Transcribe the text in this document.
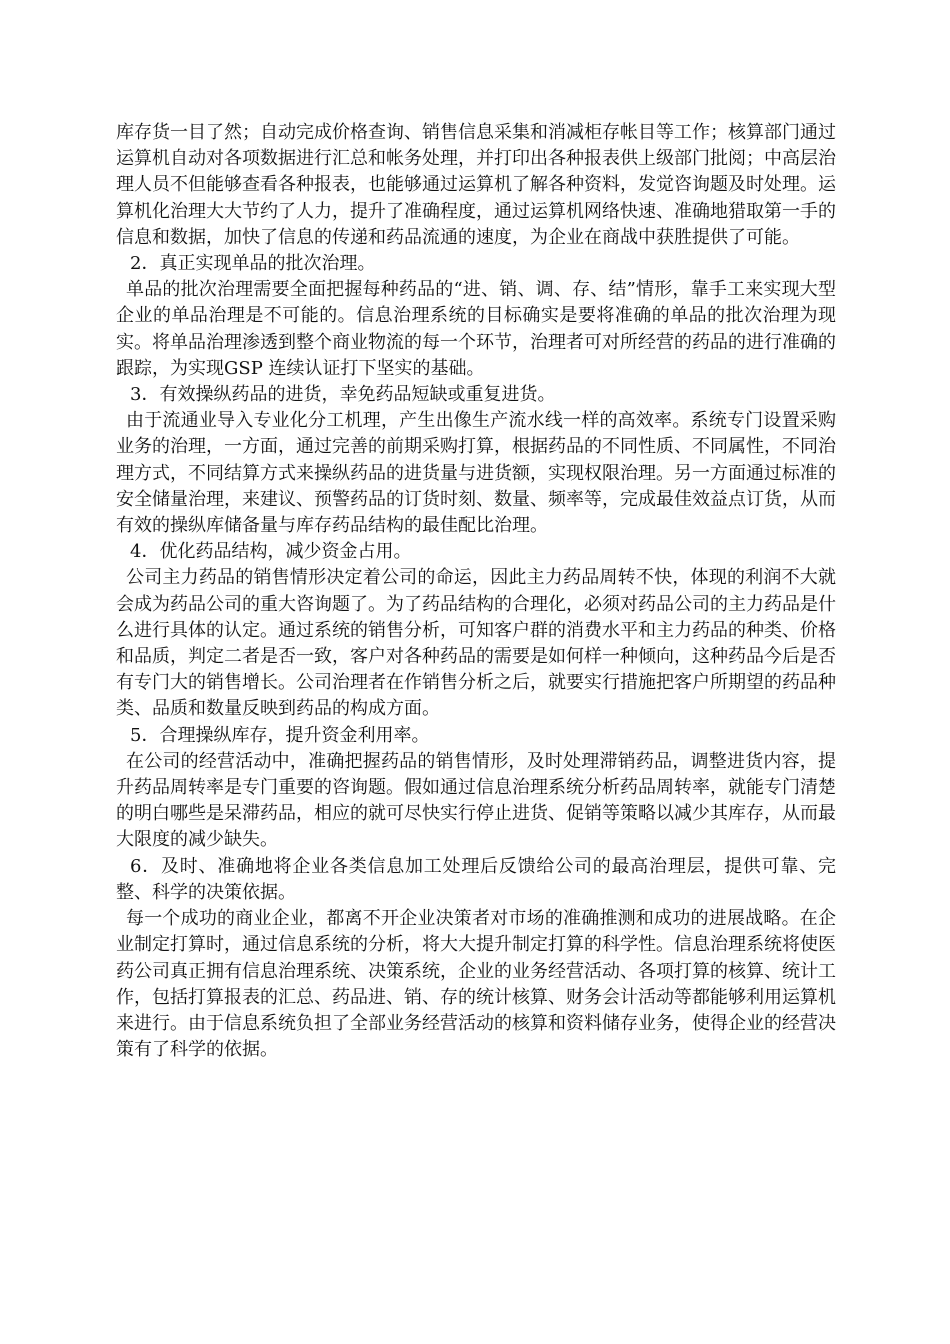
库存货一目了然；自动完成价格查询、销售信息采集和消减柜存帐目等工作；核算部门通过运算机自动对各项数据进行汇总和帐务处理，并打印出各种报表供上级部门批阅；中高层治理人员不但能够查看各种报表，也能够通过运算机了解各种资料，发觉咨询题及时处理。运算机化治理大大节约了人力，提升了准确程度，通过运算机网络快速、准确地猎取第一手的信息和数据，加快了信息的传递和药品流通的速度，为企业在商战中获胜提供了可能。

2．真正实现单品的批次治理。

单品的批次治理需要全面把握每种药品的“进、销、调、存、结”情形，靠手工来实现大型企业的单品治理是不可能的。信息治理系统的目标确实是要将准确的单品的批次治理为现实。将单品治理渗透到整个商业物流的每一个环节，治理者可对所经营的药品的进行准确的跟踪，为实现GSP 连续认证打下坚实的基础。

3．有效操纵药品的进货，幸免药品短缺或重复进货。

由于流通业导入专业化分工机理，产生出像生产流水线一样的高效率。系统专门设置采购业务的治理，一方面，通过完善的前期采购打算，根据药品的不同性质、不同属性，不同治理方式，不同结算方式来操纵药品的进货量与进货额，实现权限治理。另一方面通过标准的安全储量治理，来建议、预警药品的订货时刻、数量、频率等，完成最佳效益点订货，从而有效的操纵库储备量与库存药品结构的最佳配比治理。

4．优化药品结构，减少资金占用。

公司主力药品的销售情形决定着公司的命运，因此主力药品周转不快，体现的利润不大就会成为药品公司的重大咨询题了。为了药品结构的合理化，必须对药品公司的主力药品是什么进行具体的认定。通过系统的销售分析，可知客户群的消费水平和主力药品的种类、价格和品质，判定二者是否一致，客户对各种药品的需要是如何样一种倾向，这种药品今后是否有专门大的销售增长。公司治理者在作销售分析之后，就要实行措施把客户所期望的药品种类、品质和数量反映到药品的构成方面。

5．合理操纵库存，提升资金利用率。

在公司的经营活动中，准确把握药品的销售情形，及时处理滞销药品，调整进货内容，提升药品周转率是专门重要的咨询题。假如通过信息治理系统分析药品周转率，就能专门清楚的明白哪些是呆滞药品，相应的就可尽快实行停止进货、促销等策略以减少其库存，从而最大限度的减少缺失。

6．及时、准确地将企业各类信息加工处理后反馈给公司的最高治理层，提供可靠、完整、科学的决策依据。

每一个成功的商业企业，都离不开企业决策者对市场的准确推测和成功的进展战略。在企业制定打算时，通过信息系统的分析，将大大提升制定打算的科学性。信息治理系统将使医药公司真正拥有信息治理系统、决策系统，企业的业务经营活动、各项打算的核算、统计工作，包括打算报表的汇总、药品进、销、存的统计核算、财务会计活动等都能够利用运算机来进行。由于信息系统负担了全部业务经营活动的核算和资料储存业务，使得企业的经营决策有了科学的依据。
